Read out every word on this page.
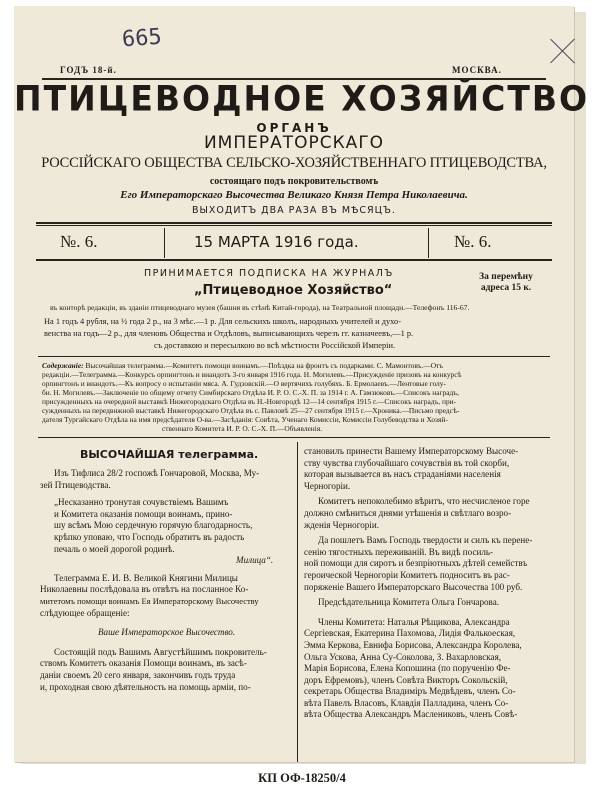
665
ГОДЪ 18-й.	МОСКВА.
ПТИЦЕВОДНОЕ ХОЗЯЙСТВО
ОРГАНЪ
ИМПЕРАТОРСКАГО
РОССІЙСКАГО ОБЩЕСТВА СЕЛЬСКО-ХОЗЯЙСТВЕННАГО ПТИЦЕВОДСТВА,
состоящаго подъ покровительствомъ
Его Императорскаго Высочества Великаго Князя Петра Николаевича.
ВЫХОДИТЪ ДВА РАЗА ВЪ МѢСЯЦЪ.
№. 6.	15 МАРТА 1916 года.	№. 6.
ПРИНИМАЕТСЯ ПОДПИСКА НА ЖУРНАЛЪ
„Птицеводное Хозяйство“
За перемѣну
адреса 15 к.
въ конторѣ редакціи, въ зданіи птицеводнаго музея (башня въ стѣнѣ Китай-города), на Театральной площади.—Телефонъ 116-67.
На 1 годъ 4 рубля, на ½ года 2 р., на 3 мѣс.—1 р. Для сельскихъ школъ, народныхъ учителей и духо-
венства на годъ—2 р., для членовъ Общества и Отдѣловъ, выписывающихъ черезъ гг. казначеевъ,—1 р.
съ доставкою и пересылкою во всѣ мѣстности Россійской Имперіи.
Содержаніе: Высочайшая телеграмма.—Комитетъ помощи воинамъ.—Поѣздка на фронтъ съ подарками. С. Мамонтовъ.—Отъ
редакціи.—Телеграмма.—Конкурсъ орпингтонъ и виандотъ 3-го января 1916 года. Н. Могилевъ.—Присужденіе призовъ на конкурсѣ
орпингтонъ и виандотъ.—Къ вопросу о испытаніи мяса. А. Гудзовскій.—О вертячихъ голубяхъ. Б. Ермолаевъ.—Лентовые голу-
би. Н. Могилевъ.—Заключеніе по общему отчету Симбирскаго Отдѣла И. Р. О. С.-Х. П. за 1914 г. А. Гамзюковъ.—Списокъ наградъ,
присужденныхъ на очередной выставкѣ Нижегородскаго Отдѣла въ Н.-Новгородѣ 12—14 сентября 1915 г.—Списокъ наградъ, при-
сужденныхъ на передвижной выставкѣ Нижегородскаго Отдѣла въ с. Павловѣ 25—27 сентября 1915 г.—Хроника.—Письмо предсѣ-
дателя Тургайскаго Отдѣла на имя предсѣдателя О-ва.—Засѣданія: Совѣта, Ученаго Комиссіи, Комиссіи Голубеводства и Хозяй-
ственнаго Комитета И. Р. О. С.-Х. П.—Объявленія.
ВЫСОЧАЙШАЯ телеграмма.
Изъ Тифлиса 28/2 госпожѣ Гончаровой, Москва, Му-
зей Птицеводства.
„Несказанно тронутая сочувствіемъ Вашимъ
и Комитета оказанія помощи воинамъ, прино-
шу всѣмъ Мою сердечную горячую благодарность,
крѣпко уповаю, что Господь обратитъ въ радость
печаль о моей дорогой родинѣ.
Милица“.
Телеграмма Е. И. В. Великой Княгини Милицы
Николаевны послѣдовала въ отвѣтъ на посланное Ко-
митетомъ помощи воинамъ Ея Императорскому Высочеству
слѣдующее обращеніе:
Ваше Императорское Высочество.
Состоящій подъ Вашимъ Августѣйшимъ покровитель-
ствомъ Комитетъ оказанія Помощи воинамъ, въ засѣ-
даніи своемъ 20 сего января, закончивъ годъ труда
и, проходная свою дѣятельность на помощь арміи, по-
становилъ принести Вашему Императорскому Высоче-
ству чувства глубочайшаго сочувствія въ той скорби,
которая вызывается въ насъ страданіями населенія
Черногоріи.
Комитетъ непоколебимо вѣритъ, что несчисленое горе
должно смѣниться днями утѣшенія и свѣтлаго возро-
жденія Черногоріи.
Да пошлетъ Вамъ Господь твердости и силъ къ перене-
сенію тягостныхъ переживаній. Въ видѣ посиль-
ной помощи для сиротъ и безпріютныхъ дѣтей семействъ
героической Черногоріи Комитетъ подноситъ въ рас-
поряженіе Вашего Императорскаго Высочества 100 руб.
Предсѣдательница Комитета Ольга Гончарова.
Члены Комитета: Наталья Рѣщикова, Александра
Сергіевская, Екатерина Пахомова, Лидія Фалькоеская,
Эмма Керкова, Евнифа Борисова, Александра Королева,
Ольга Ускова, Анна Су-Соколова, З. Вахарловская,
Марія Борисова, Елена Копошина (по порученію Фе-
доръ Ефремовъ), членъ Совѣта Викторъ Сокольскій,
секретарь Общества Владиміръ Медвѣдевъ, членъ Со-
вѣта Павелъ Власовъ, Клавдія Палладина, членъ Со-
вѣта Общества Александръ Маслениковъ, членъ Совѣ-
КП ОФ-18250/4
